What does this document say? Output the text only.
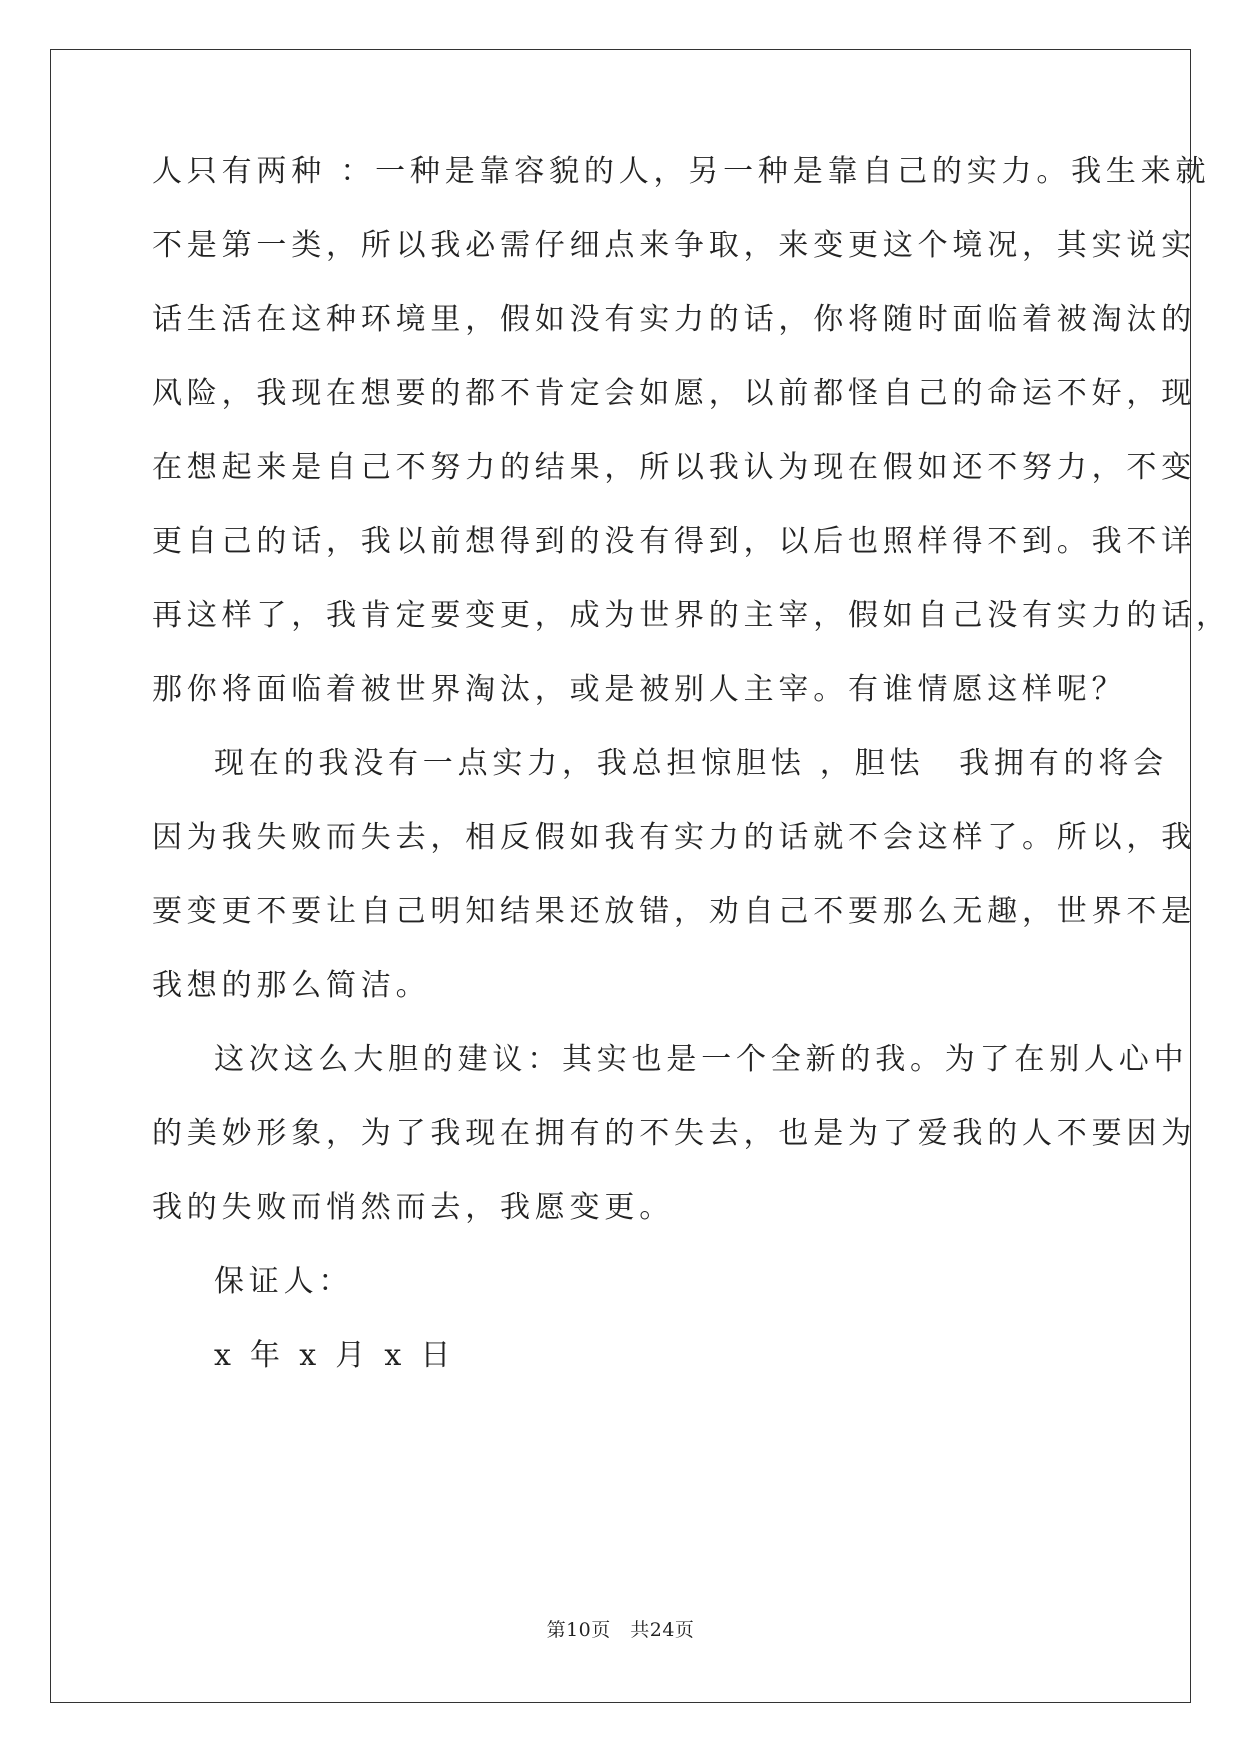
人只有两种 ：一种是靠容貌的人，另一种是靠自己的实力。我生来就
不是第一类，所以我必需仔细点来争取，来变更这个境况，其实说实
话生活在这种环境里，假如没有实力的话，你将随时面临着被淘汰的
风险，我现在想要的都不肯定会如愿，以前都怪自己的命运不好，现
在想起来是自己不努力的结果，所以我认为现在假如还不努力，不变
更自己的话，我以前想得到的没有得到，以后也照样得不到。我不详
再这样了，我肯定要变更，成为世界的主宰，假如自己没有实力的话，
那你将面临着被世界淘汰，或是被别人主宰。有谁情愿这样呢？
现在的我没有一点实力，我总担惊胆怯 ，胆怯　我拥有的将会
因为我失败而失去，相反假如我有实力的话就不会这样了。所以，我
要变更不要让自己明知结果还放错，劝自己不要那么无趣，世界不是
我想的那么简洁。
这次这么大胆的建议：其实也是一个全新的我。为了在别人心中
的美妙形象，为了我现在拥有的不失去，也是为了爱我的人不要因为
我的失败而悄然而去，我愿变更。
保证人：
x 年 x 月 x 日
第10页　共24页
